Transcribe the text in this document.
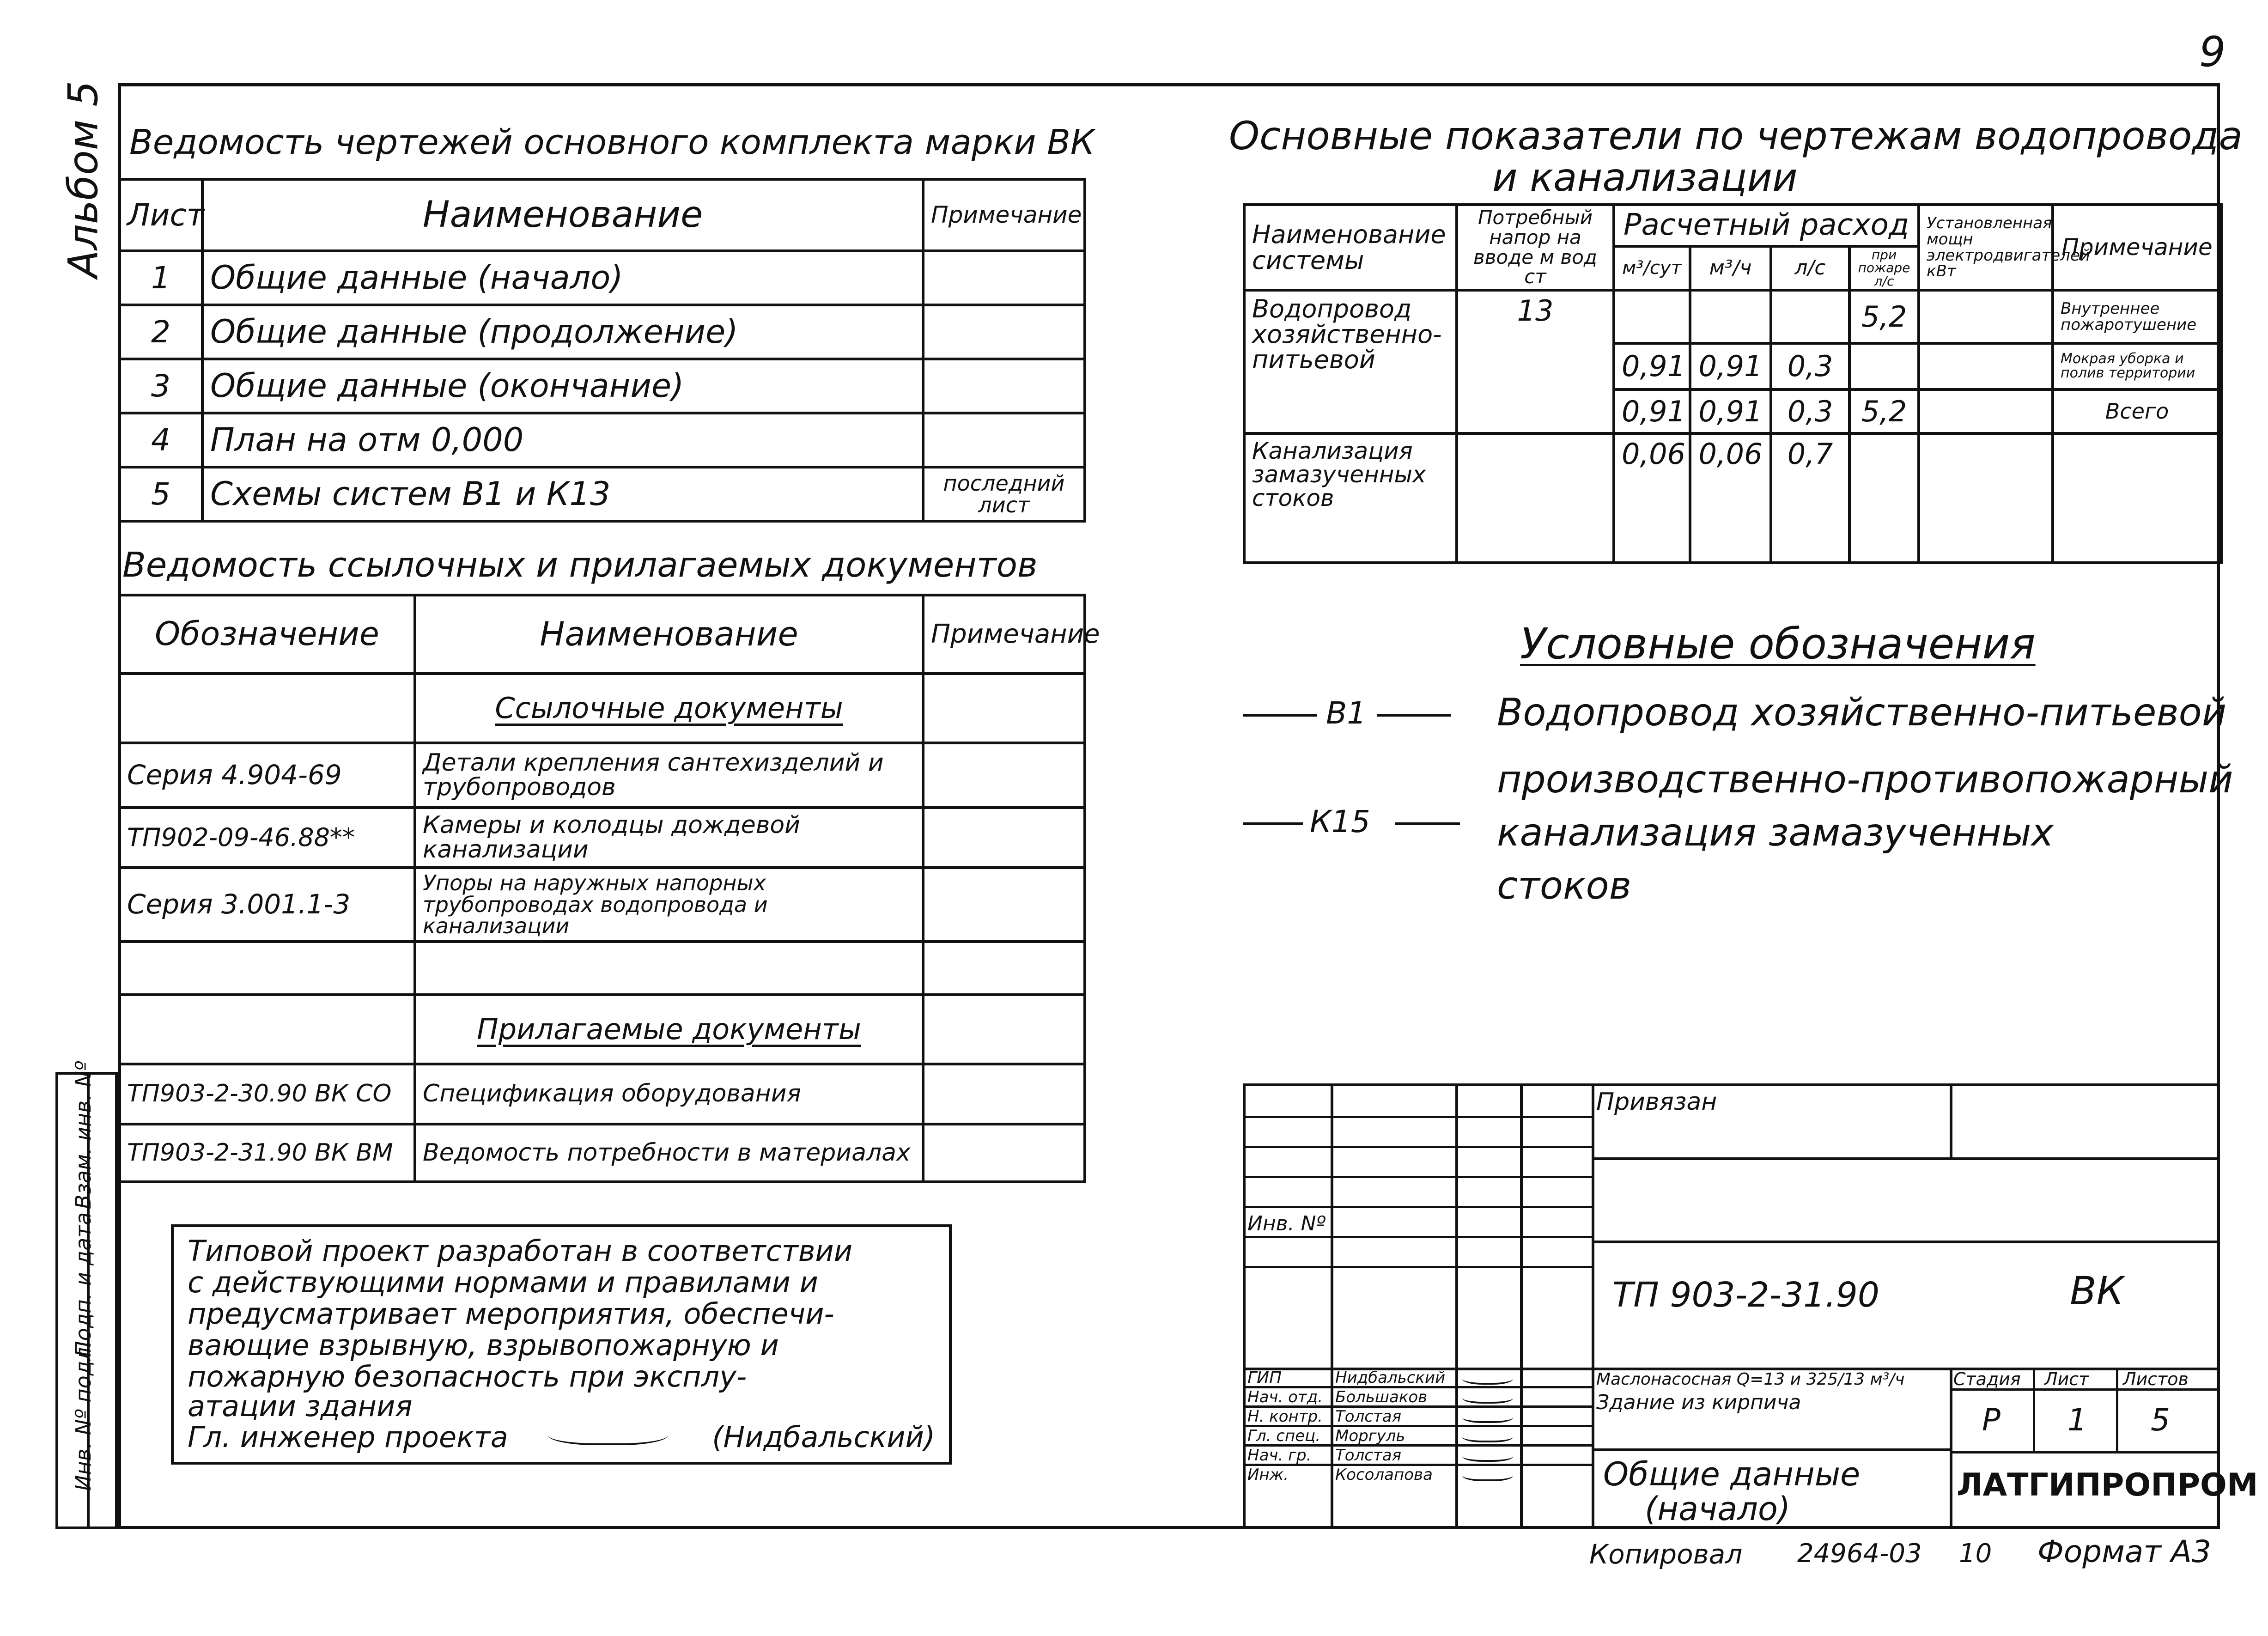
9
Альбом 5
Инв. Nº подл.
Подп. и дата
Взам. инв. Nº
Ведомость чертежей основного комплекта марки ВК
Лист	Наименование	Примечание
1	Общие данные (начало)	
2	Общие данные (продолжение)	
3	Общие данные (окончание)	
4	План на отм 0,000	
5	Схемы систем В1 и К13	последний лист
Ведомость ссылочных и прилагаемых документов
Обозначение	Наименование	Примечание
	Ссылочные документы	
Серия 4.904-69	Детали крепления сантехизделий и трубопроводов	
ТП902-09-46.88**	Камеры и колодцы дождевой канализации	
Серия 3.001.1-3	Упоры на наружных напорных трубопроводах водопровода и канализации	

	Прилагаемые документы	
ТП903-2-30.90 ВК СО	Спецификация оборудования	
ТП903-2-31.90 ВК ВМ	Ведомость потребности в материалах	
Типовой проект разработан в соответствии
с действующими нормами и правилами и
предусматривает мероприятия, обеспечи-
вающие взрывную, взрывопожарную и
пожарную безопасность при эксплу-
атации здания
Гл. инженер проекта	(Нидбальский)
Основные показатели по чертежам водопровода
и канализации
Наименование системы	Потребный напор на вводе м вод ст	Расчетный расход				Установленная мощн электродвигателей кВт	Примечание
		м³/сут	м³/ч	л/с	при пожаре л/с		
Водопровод хозяйственно-питьевой	13				5,2		Внутреннее пожаротушение
		0,91	0,91	0,3			Мокрая уборка и полив территории
		0,91	0,91	0,3	5,2		Всего
Канализация замазученных стоков		0,06	0,06	0,7			
Условные обозначения
В1	Водопровод хозяйственно-питьевой
К15
производственно-противопожарный
канализация замазученных
стоков
Привязан
Инв. Nº
ТП 903-2-31.90	ВК
Маслонасосная Q=13 и 325/13 м³/ч
Здание из кирпича
Общие данные
(начало)
Стадия Лист Листов
Р 1 5
ЛАТГИПРОПРОМ
ГИП	Нидбальский
Нач. отд. Большаков
Н. контр. Толстая
Гл. спец. Моргуль
Нач. гр. Толстая
Инж.	Косолапова
Копировал 24964-03 10 Формат А3
